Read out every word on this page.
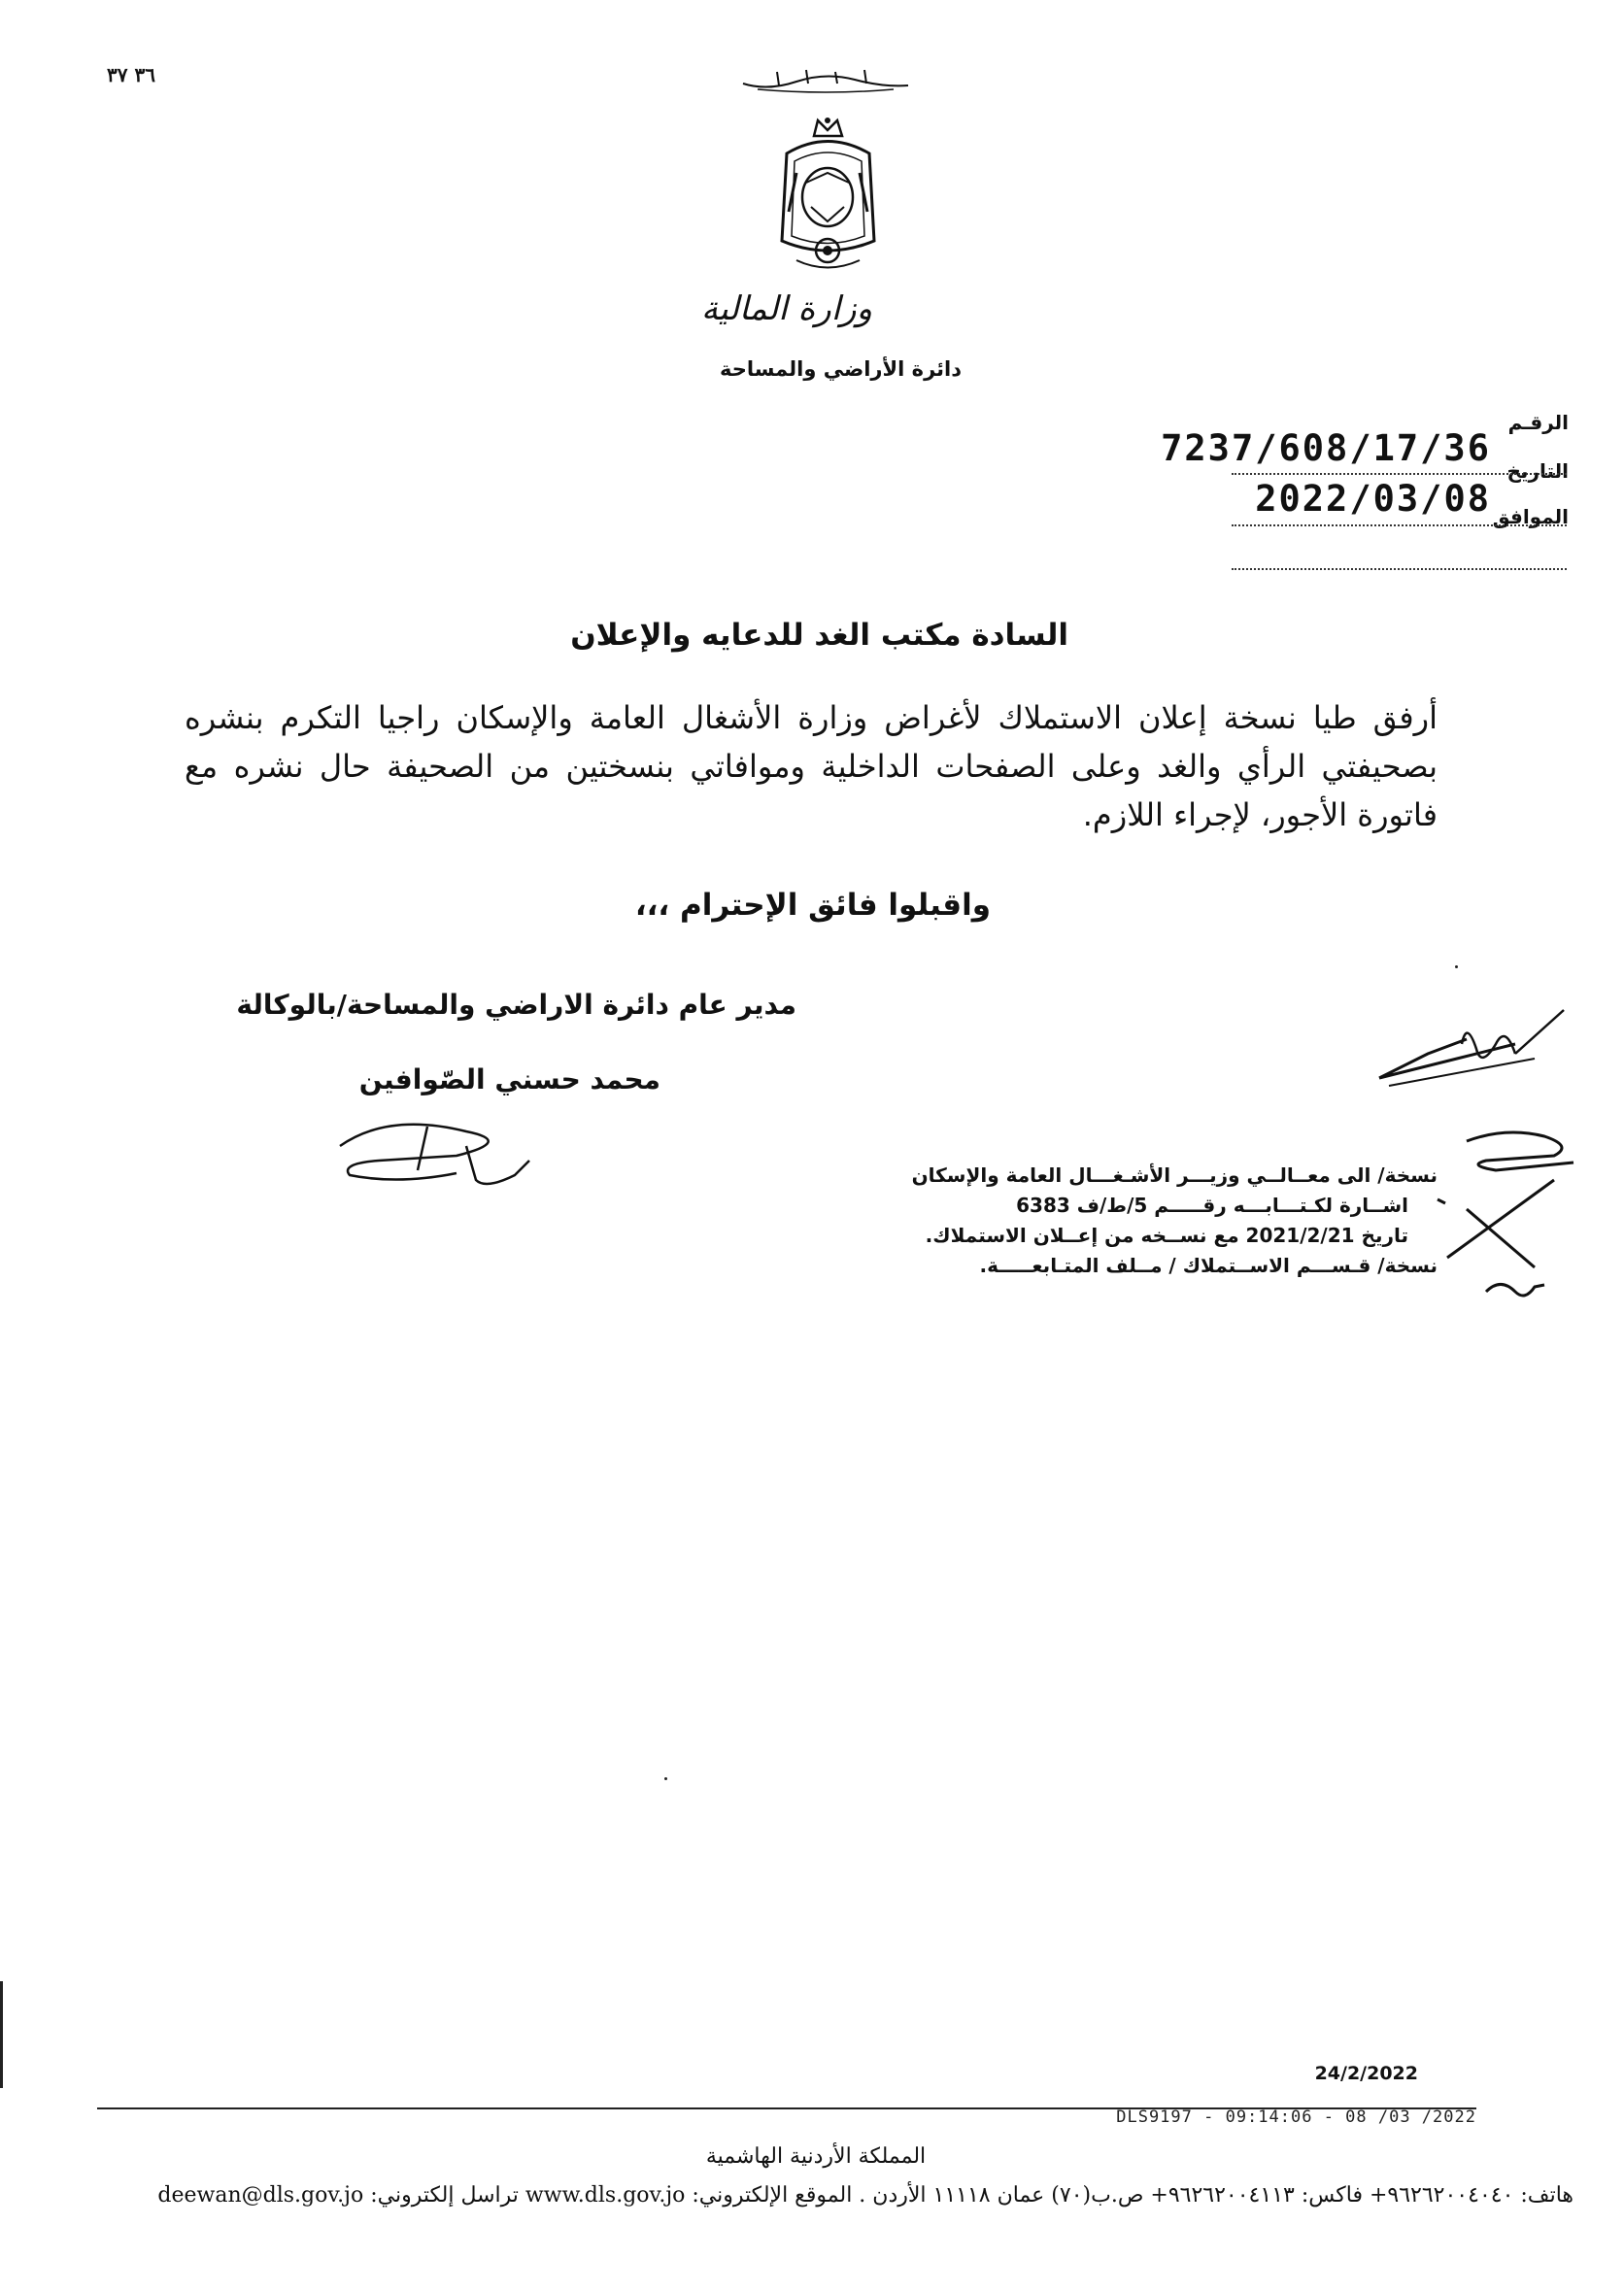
٣٦ ٣٧
وزارة المالية
دائرة الأراضي والمساحة
الرقـم
التاريخ
الموافق
7237/608/17/36
2022/03/08
السادة مكتب الغد للدعايه والإعلان
أرفق طيا نسخة إعلان الاستملاك لأغراض وزارة الأشغال العامة والإسكان راجيا التكرم بنشره بصحيفتي الرأي والغد وعلى الصفحات الداخلية وموافاتي بنسختين من الصحيفة حال نشره مع فاتورة الأجور، لإجراء اللازم.
واقبلوا فائق الإحترام ،،،
مدير عام دائرة الاراضي والمساحة/بالوكالة
محمد حسني الصّوافين
نسخة/ الى معــالــي وزيـــر الأشـغـــال العامة والإسكان
اشــارة لكـتـــابـــه رقـــــم 5/ط/ف 6383
تاريخ 2021/2/21 مع نســخه من إعــلان الاستملاك.
نسخة/ قـســـم الاســتملاك / مــلف المتـابعـــــة.
24/2/2022
DLS9197 - 09:14:06 - 08 /03 /2022
المملكة الأردنية الهاشمية
هاتف: ٩٦٢٦٢٠٠٤٠٤٠+ فاكس: ٩٦٢٦٢٠٠٤١١٣+ ص.ب(٧٠) عمان ١١١١٨ الأردن . الموقع الإلكتروني: www.dls.gov.jo تراسل إلكتروني: deewan@dls.gov.jo
